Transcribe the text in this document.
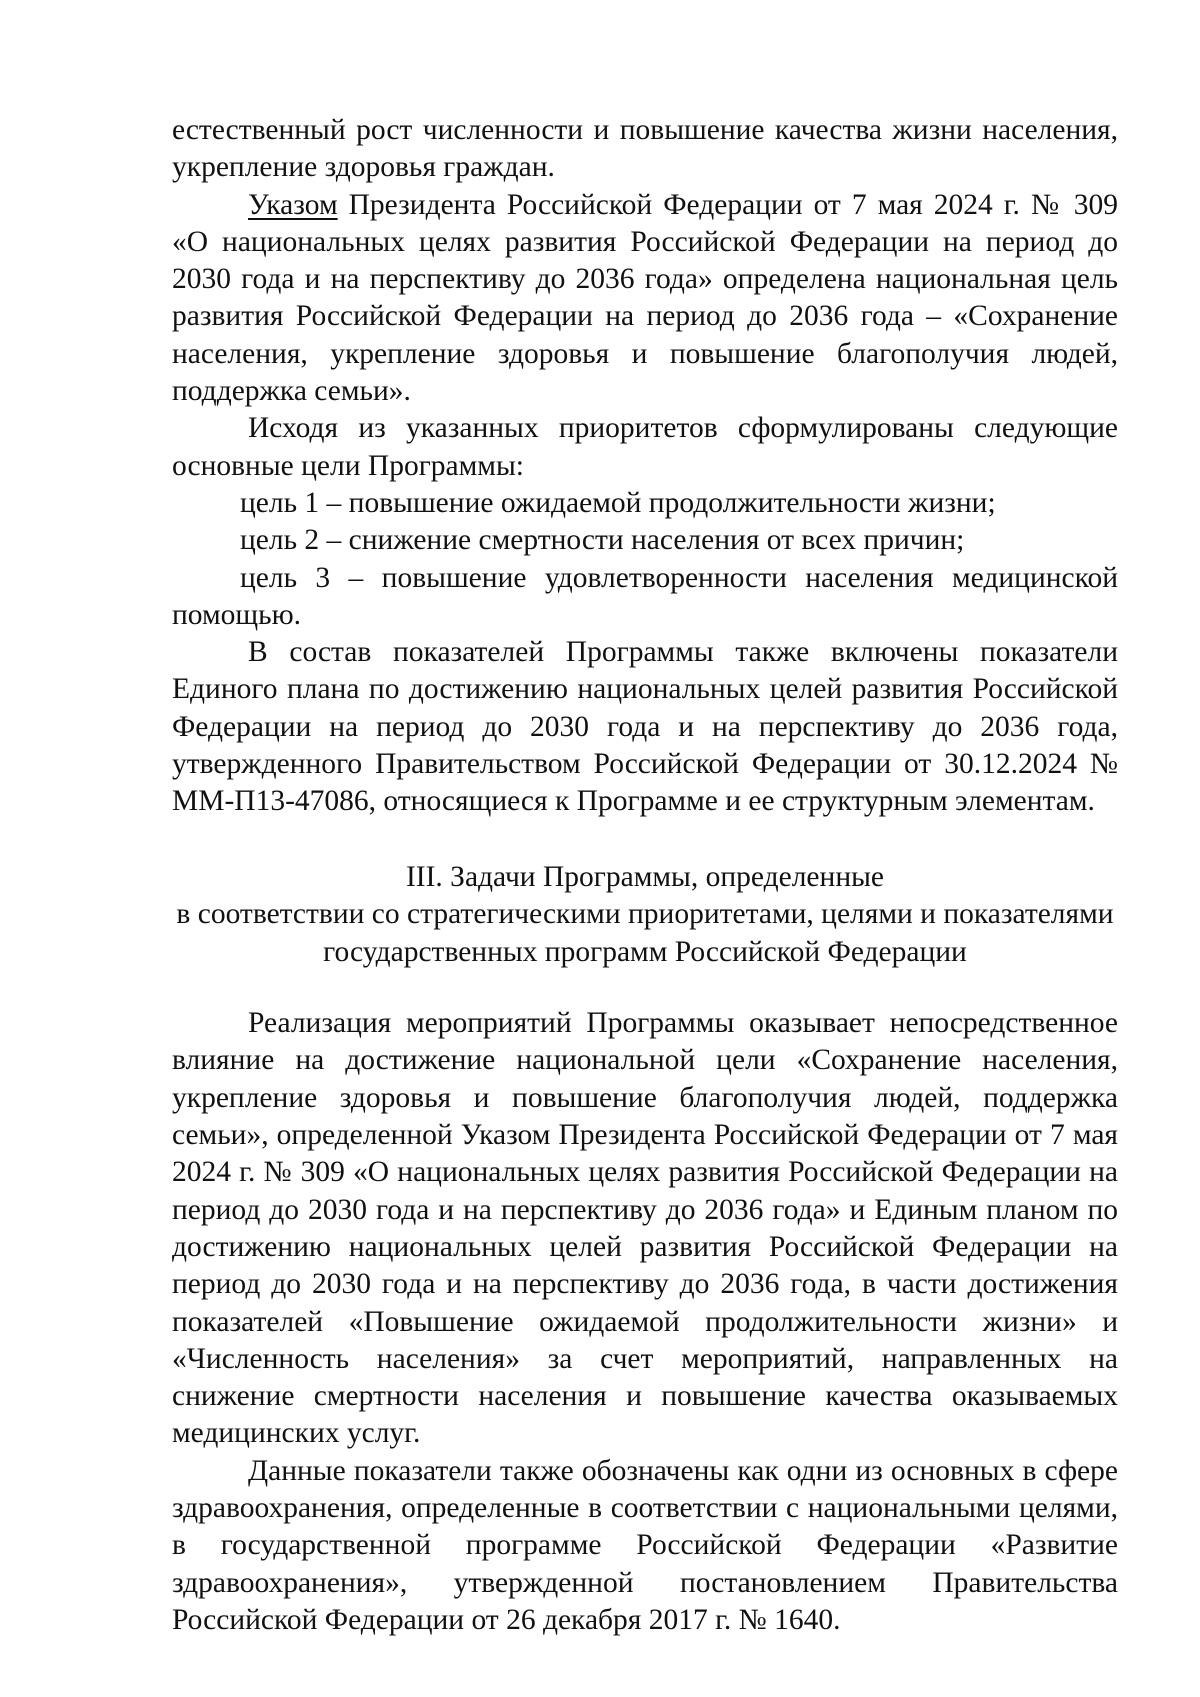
естественный рост численности и повышение качества жизни населения, укрепление здоровья граждан.

Указом Президента Российской Федерации от 7 мая 2024 г. № 309 «О национальных целях развития Российской Федерации на период до 2030 года и на перспективу до 2036 года» определена национальная цель развития Российской Федерации на период до 2036 года – «Сохранение населения, укрепление здоровья и повышение благополучия людей, поддержка семьи».

Исходя из указанных приоритетов сформулированы следующие основные цели Программы:

цель 1 – повышение ожидаемой продолжительности жизни;

цель 2 – снижение смертности населения от всех причин;

цель 3 – повышение удовлетворенности населения медицинской помощью.

В состав показателей Программы также включены показатели Единого плана по достижению национальных целей развития Российской Федерации на период до 2030 года и на перспективу до 2036 года, утвержденного Правительством Российской Федерации от 30.12.2024 № ММ-П13-47086, относящиеся к Программе и ее структурным элементам.

III. Задачи Программы, определенные
в соответствии со стратегическими приоритетами, целями и показателями
государственных программ Российской Федерации

Реализация мероприятий Программы оказывает непосредственное влияние на достижение национальной цели «Сохранение населения, укрепление здоровья и повышение благополучия людей, поддержка семьи», определенной Указом Президента Российской Федерации от 7 мая 2024 г. № 309 «О национальных целях развития Российской Федерации на период до 2030 года и на перспективу до 2036 года» и Единым планом по достижению национальных целей развития Российской Федерации на период до 2030 года и на перспективу до 2036 года, в части достижения показателей «Повышение ожидаемой продолжительности жизни» и «Численность населения» за счет мероприятий, направленных на снижение смертности населения и повышение качества оказываемых медицинских услуг.

Данные показатели также обозначены как одни из основных в сфере здравоохранения, определенные в соответствии с национальными целями, в государственной программе Российской Федерации «Развитие здравоохранения», утвержденной постановлением Правительства Российской Федерации от 26 декабря 2017 г. № 1640.
